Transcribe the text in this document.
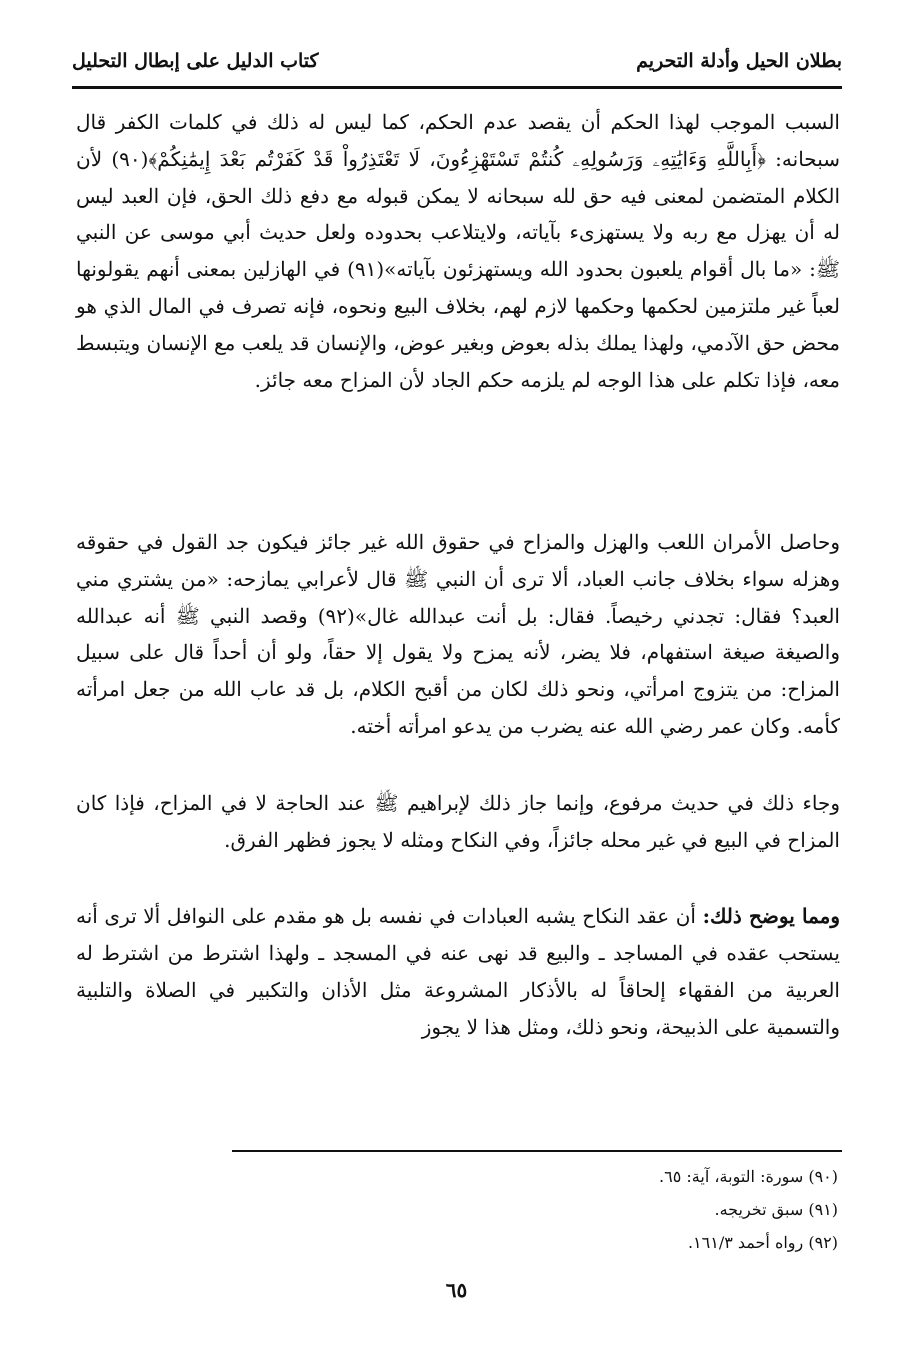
بطلان الحيل وأدلة التحريم
كتاب الدليل على إبطال التحليل

السبب الموجب لهذا الحكم أن يقصد عدم الحكم، كما ليس له ذلك في كلمات الكفر قال سبحانه: ﴿أَبِاللَّهِ وَءَايَٰتِهِۦ وَرَسُولِهِۦ كُنتُمْ تَسْتَهْزِءُونَ، لَا تَعْتَذِرُواْ قَدْ كَفَرْتُم بَعْدَ إِيمَٰنِكُمْ﴾(٩٠) لأن الكلام المتضمن لمعنى فيه حق لله سبحانه لا يمكن قبوله مع دفع ذلك الحق، فإن العبد ليس له أن يهزل مع ربه ولا يستهزىء بآياته، ولايتلاعب بحدوده ولعل حديث أبي موسى عن النبي ﷺ: «ما بال أقوام يلعبون بحدود الله ويستهزئون بآياته»(٩١) في الهازلين بمعنى أنهم يقولونها لعباً غير ملتزمين لحكمها وحكمها لازم لهم، بخلاف البيع ونحوه، فإنه تصرف في المال الذي هو محض حق الآدمي، ولهذا يملك بذله بعوض وبغير عوض، والإنسان قد يلعب مع الإنسان ويتبسط معه، فإذا تكلم على هذا الوجه لم يلزمه حكم الجاد لأن المزاح معه جائز.

وحاصل الأمران اللعب والهزل والمزاح في حقوق الله غير جائز فيكون جد القول في حقوقه وهزله سواء بخلاف جانب العباد، ألا ترى أن النبي ﷺ قال لأعرابي يمازحه: «من يشتري مني العبد؟ فقال: تجدني رخيصاً. فقال: بل أنت عبدالله غال»(٩٢) وقصد النبي ﷺ أنه عبدالله والصيغة صيغة استفهام، فلا يضر، لأنه يمزح ولا يقول إلا حقاً، ولو أن أحداً قال على سبيل المزاح: من يتزوج امرأتي، ونحو ذلك لكان من أقبح الكلام، بل قد عاب الله من جعل امرأته كأمه. وكان عمر رضي الله عنه يضرب من يدعو امرأته أخته.

وجاء ذلك في حديث مرفوع، وإنما جاز ذلك لإبراهيم ﷺ عند الحاجة لا في المزاح، فإذا كان المزاح في البيع في غير محله جائزاً، وفي النكاح ومثله لا يجوز فظهر الفرق.

ومما يوضح ذلك: أن عقد النكاح يشبه العبادات في نفسه بل هو مقدم على النوافل ألا ترى أنه يستحب عقده في المساجد ـ والبيع قد نهى عنه في المسجد ـ ولهذا اشترط من اشترط له العربية من الفقهاء إلحاقاً له بالأذكار المشروعة مثل الأذان والتكبير في الصلاة والتلبية والتسمية على الذبيحة، ونحو ذلك، ومثل هذا لا يجوز

(٩٠) سورة: التوبة، آية: ٦٥.
(٩١) سبق تخريجه.
(٩٢) رواه أحمد ١٦١/٣.
٦٥
